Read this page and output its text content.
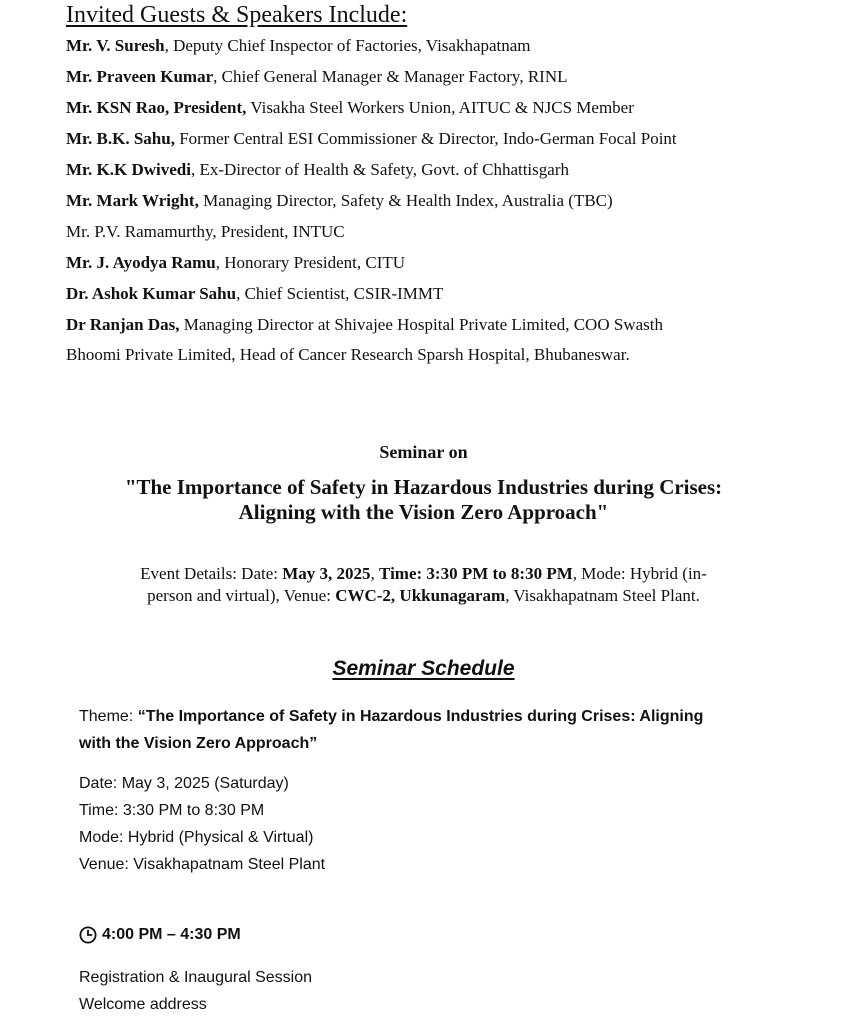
Invited Guests & Speakers Include:
Mr. V. Suresh, Deputy Chief Inspector of Factories, Visakhapatnam
Mr. Praveen Kumar, Chief General Manager & Manager Factory, RINL
Mr. KSN Rao, President, Visakha Steel Workers Union, AITUC & NJCS Member
Mr. B.K. Sahu, Former Central ESI Commissioner & Director, Indo-German Focal Point
Mr. K.K Dwivedi, Ex-Director of Health & Safety, Govt. of Chhattisgarh
Mr. Mark Wright, Managing Director, Safety & Health Index, Australia (TBC)
Mr. P.V. Ramamurthy, President, INTUC
Mr. J. Ayodya Ramu, Honorary President, CITU
Dr. Ashok Kumar Sahu, Chief Scientist, CSIR-IMMT
Dr Ranjan Das, Managing Director at Shivajee Hospital Private Limited, COO Swasth
Bhoomi Private Limited, Head of Cancer Research Sparsh Hospital, Bhubaneswar.
Seminar on
"The Importance of Safety in Hazardous Industries during Crises:
Aligning with the Vision Zero Approach"
Event Details: Date: May 3, 2025, Time: 3:30 PM to 8:30 PM, Mode: Hybrid (in-
person and virtual), Venue: CWC-2, Ukkunagaram, Visakhapatnam Steel Plant.
Seminar Schedule
Theme: “The Importance of Safety in Hazardous Industries during Crises: Aligning
with the Vision Zero Approach”
Date: May 3, 2025 (Saturday)
Time: 3:30 PM to 8:30 PM
Mode: Hybrid (Physical & Virtual)
Venue: Visakhapatnam Steel Plant
4:00 PM – 4:30 PM
Registration & Inaugural Session
Welcome address
